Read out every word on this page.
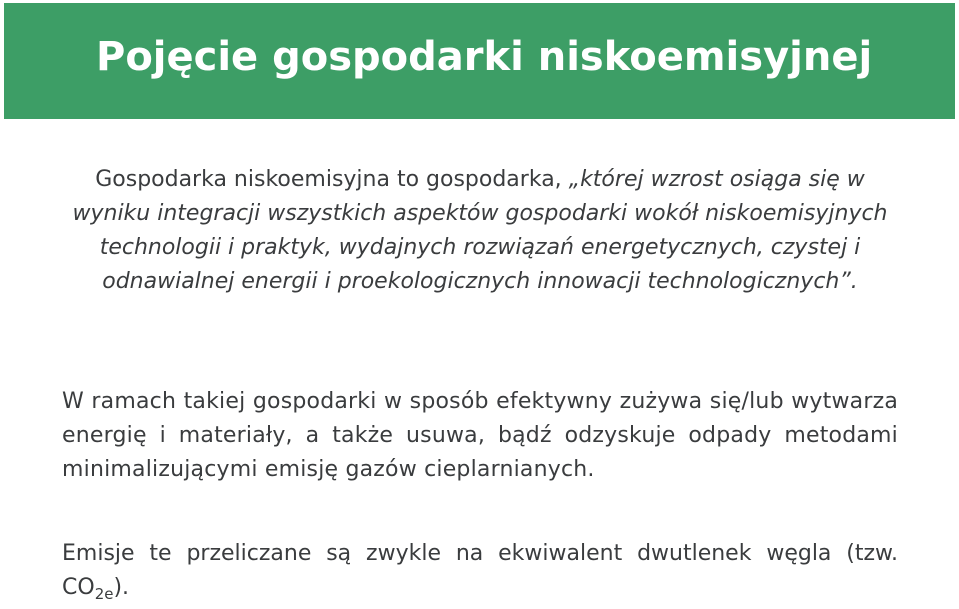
Pojęcie gospodarki niskoemisyjnej

Gospodarka niskoemisyjna to gospodarka, „której wzrost osiąga się w wyniku integracji wszystkich aspektów gospodarki wokół niskoemisyjnych technologii i praktyk, wydajnych rozwiązań energetycznych, czystej i odnawialnej energii i proekologicznych innowacji technologicznych”.

W ramach takiej gospodarki w sposób efektywny zużywa się/lub wytwarza energię i materiały, a także usuwa, bądź odzyskuje odpady metodami minimalizującymi emisję gazów cieplarnianych.

Emisje te przeliczane są zwykle na ekwiwalent dwutlenek węgla (tzw. $CO_{2e}$).
